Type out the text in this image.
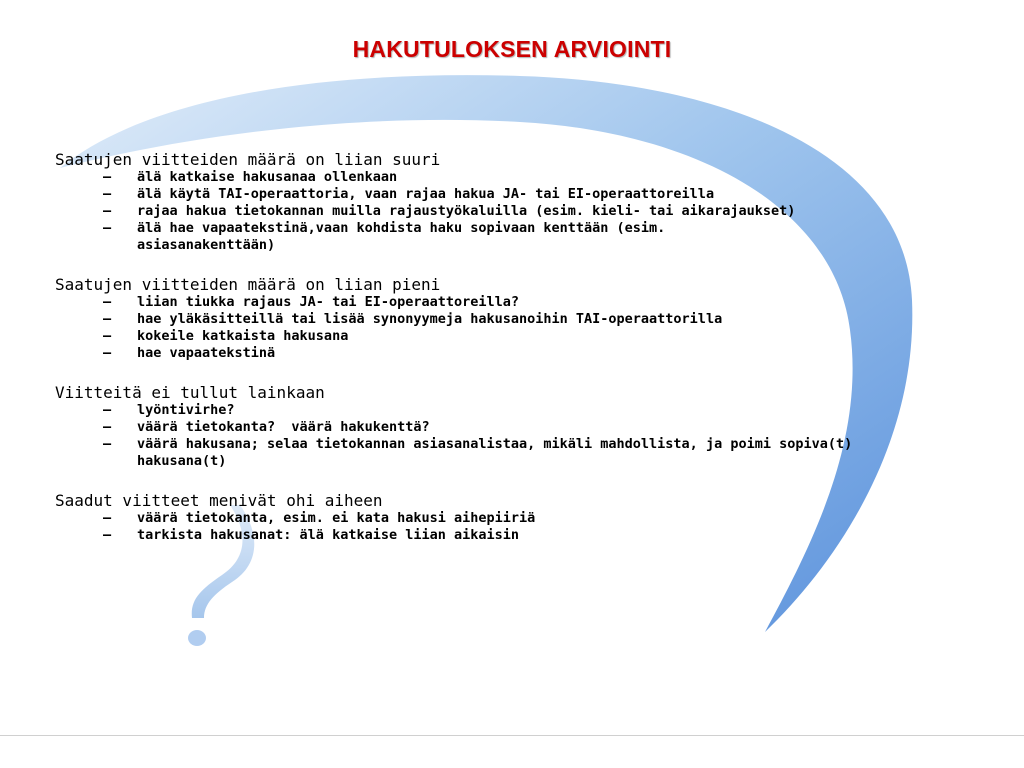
HAKUTULOKSEN ARVIOINTI
Saatujen viitteiden määrä on liian suuri
– älä katkaise hakusanaa ollenkaan
– älä käytä TAI-operaattoria, vaan rajaa hakua JA- tai EI-operaattoreilla
– rajaa hakua tietokannan muilla rajaustyökaluilla (esim. kieli- tai aikarajaukset)
– älä hae vapaatekstinä,vaan kohdista haku sopivaan kenttään (esim. asiasanakenttään)
Saatujen viitteiden määrä on liian pieni
– liian tiukka rajaus JA- tai EI-operaattoreilla?
– hae yläkäsitteillä tai lisää synonyymeja hakusanoihin TAI-operaattorilla
– kokeile katkaista hakusana
– hae vapaatekstinä
Viitteitä ei tullut lainkaan
– lyöntivirhe?
– väärä tietokanta?  väärä hakukenttä?
– väärä hakusana; selaa tietokannan asiasanalistaa, mikäli mahdollista, ja poimi sopiva(t) hakusana(t)
Saadut viitteet menivät ohi aiheen
– väärä tietokanta, esim. ei kata hakusi aihepiiriä
– tarkista hakusanat: älä katkaise liian aikaisin
